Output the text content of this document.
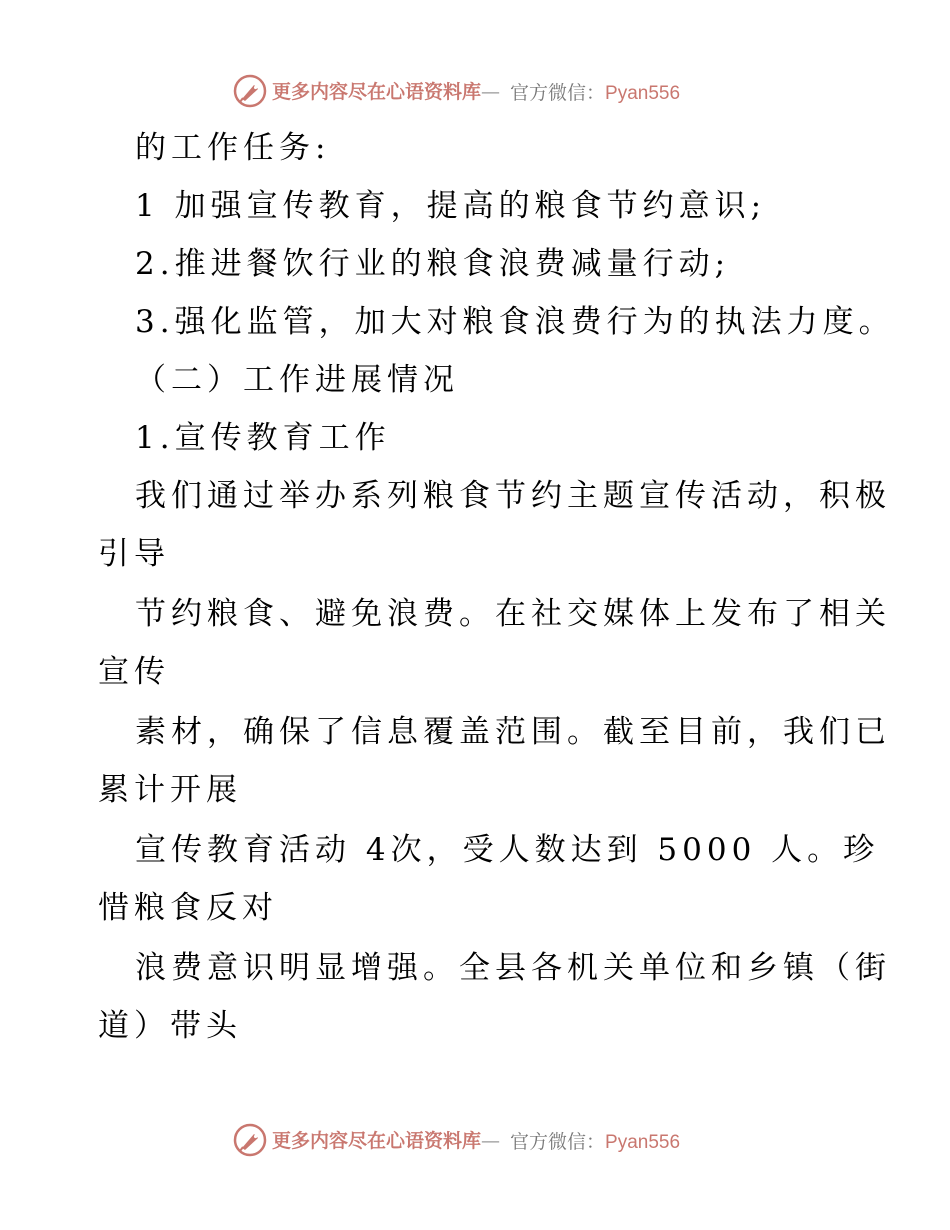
更多内容尽在心语资料库— 官方微信：Pyan556
的工作任务:
1 加强宣传教育，提高的粮食节约意识;
2.推进餐饮行业的粮食浪费减量行动;
3.强化监管，加大对粮食浪费行为的执法力度。
（二）工作进展情况
1.宣传教育工作
我们通过举办系列粮食节约主题宣传活动，积极
引导
节约粮食、避免浪费。在社交媒体上发布了相关
宣传
素材，确保了信息覆盖范围。截至目前，我们已
累计开展
宣传教育活动 4次，受人数达到 5000 人。珍
惜粮食反对
浪费意识明显增强。全县各机关单位和乡镇（街
道）带头
更多内容尽在心语资料库— 官方微信：Pyan556
